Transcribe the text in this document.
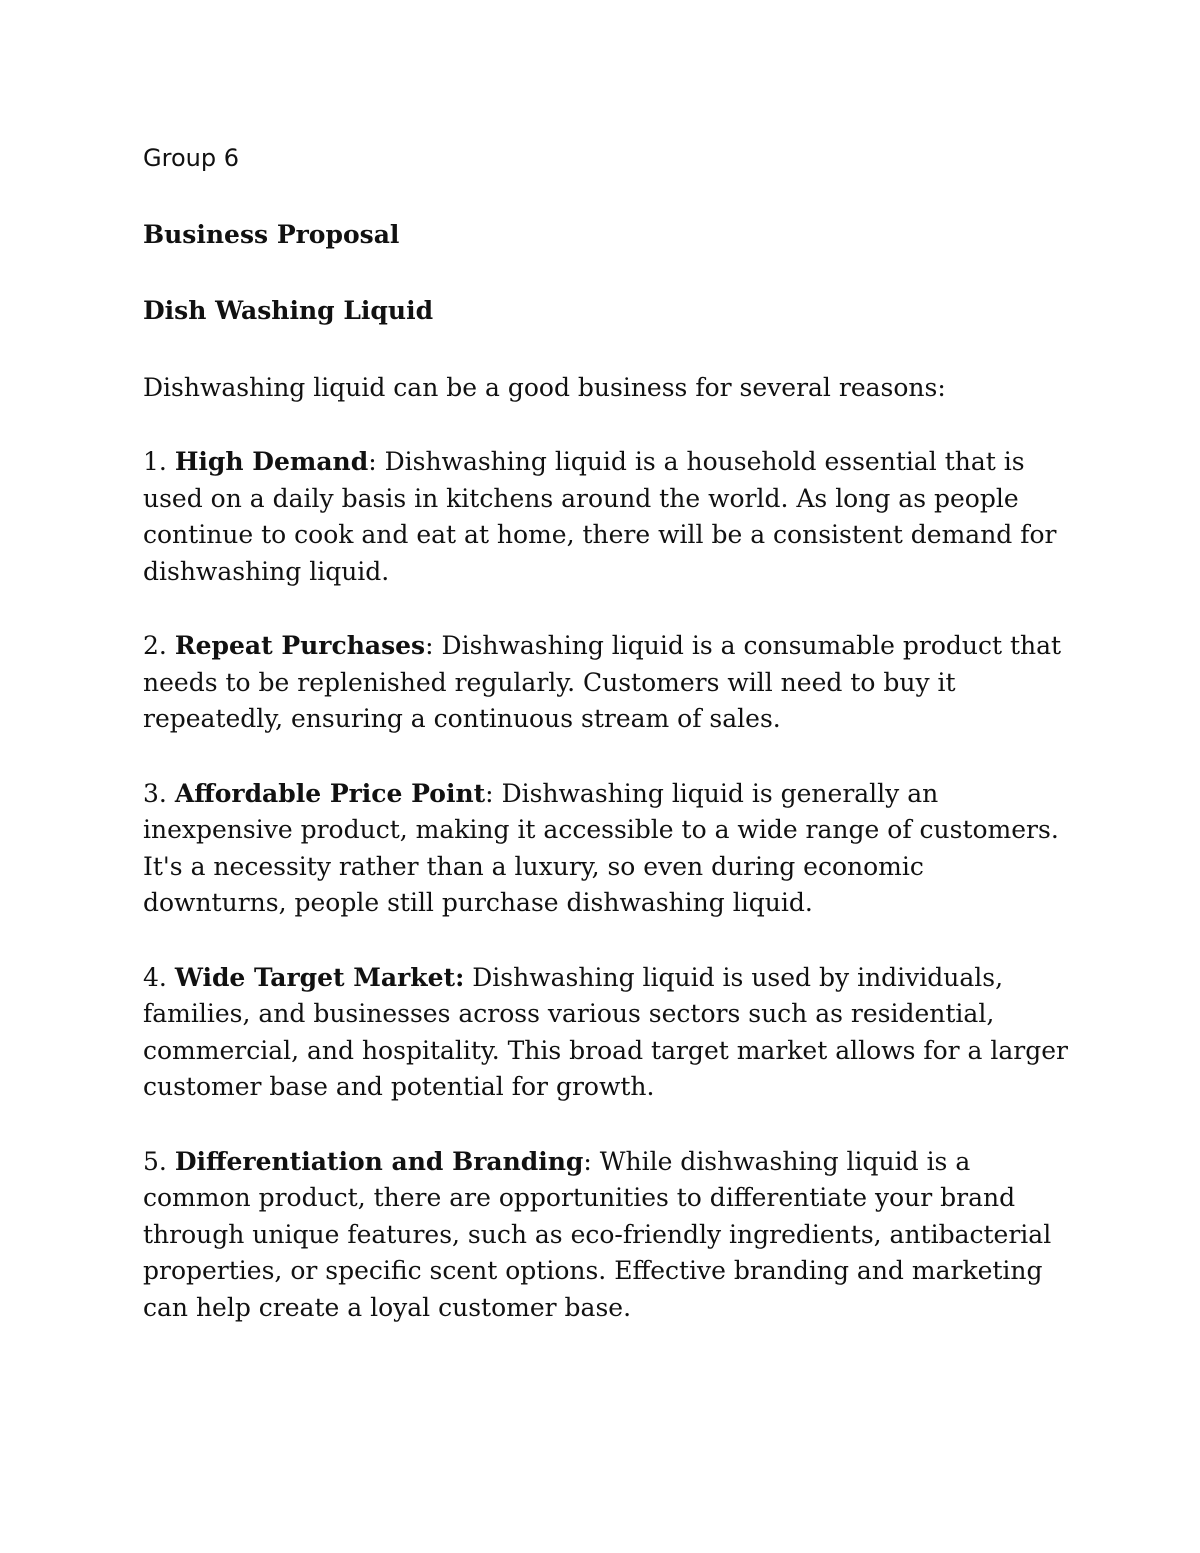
Group 6

Business Proposal

Dish Washing Liquid

Dishwashing liquid can be a good business for several reasons:

1. High Demand: Dishwashing liquid is a household essential that is used on a daily basis in kitchens around the world. As long as people continue to cook and eat at home, there will be a consistent demand for dishwashing liquid.

2. Repeat Purchases: Dishwashing liquid is a consumable product that needs to be replenished regularly. Customers will need to buy it repeatedly, ensuring a continuous stream of sales.

3. Affordable Price Point: Dishwashing liquid is generally an inexpensive product, making it accessible to a wide range of customers. It's a necessity rather than a luxury, so even during economic downturns, people still purchase dishwashing liquid.

4. Wide Target Market: Dishwashing liquid is used by individuals, families, and businesses across various sectors such as residential, commercial, and hospitality. This broad target market allows for a larger customer base and potential for growth.

5. Differentiation and Branding: While dishwashing liquid is a common product, there are opportunities to differentiate your brand through unique features, such as eco-friendly ingredients, antibacterial properties, or specific scent options. Effective branding and marketing can help create a loyal customer base.
